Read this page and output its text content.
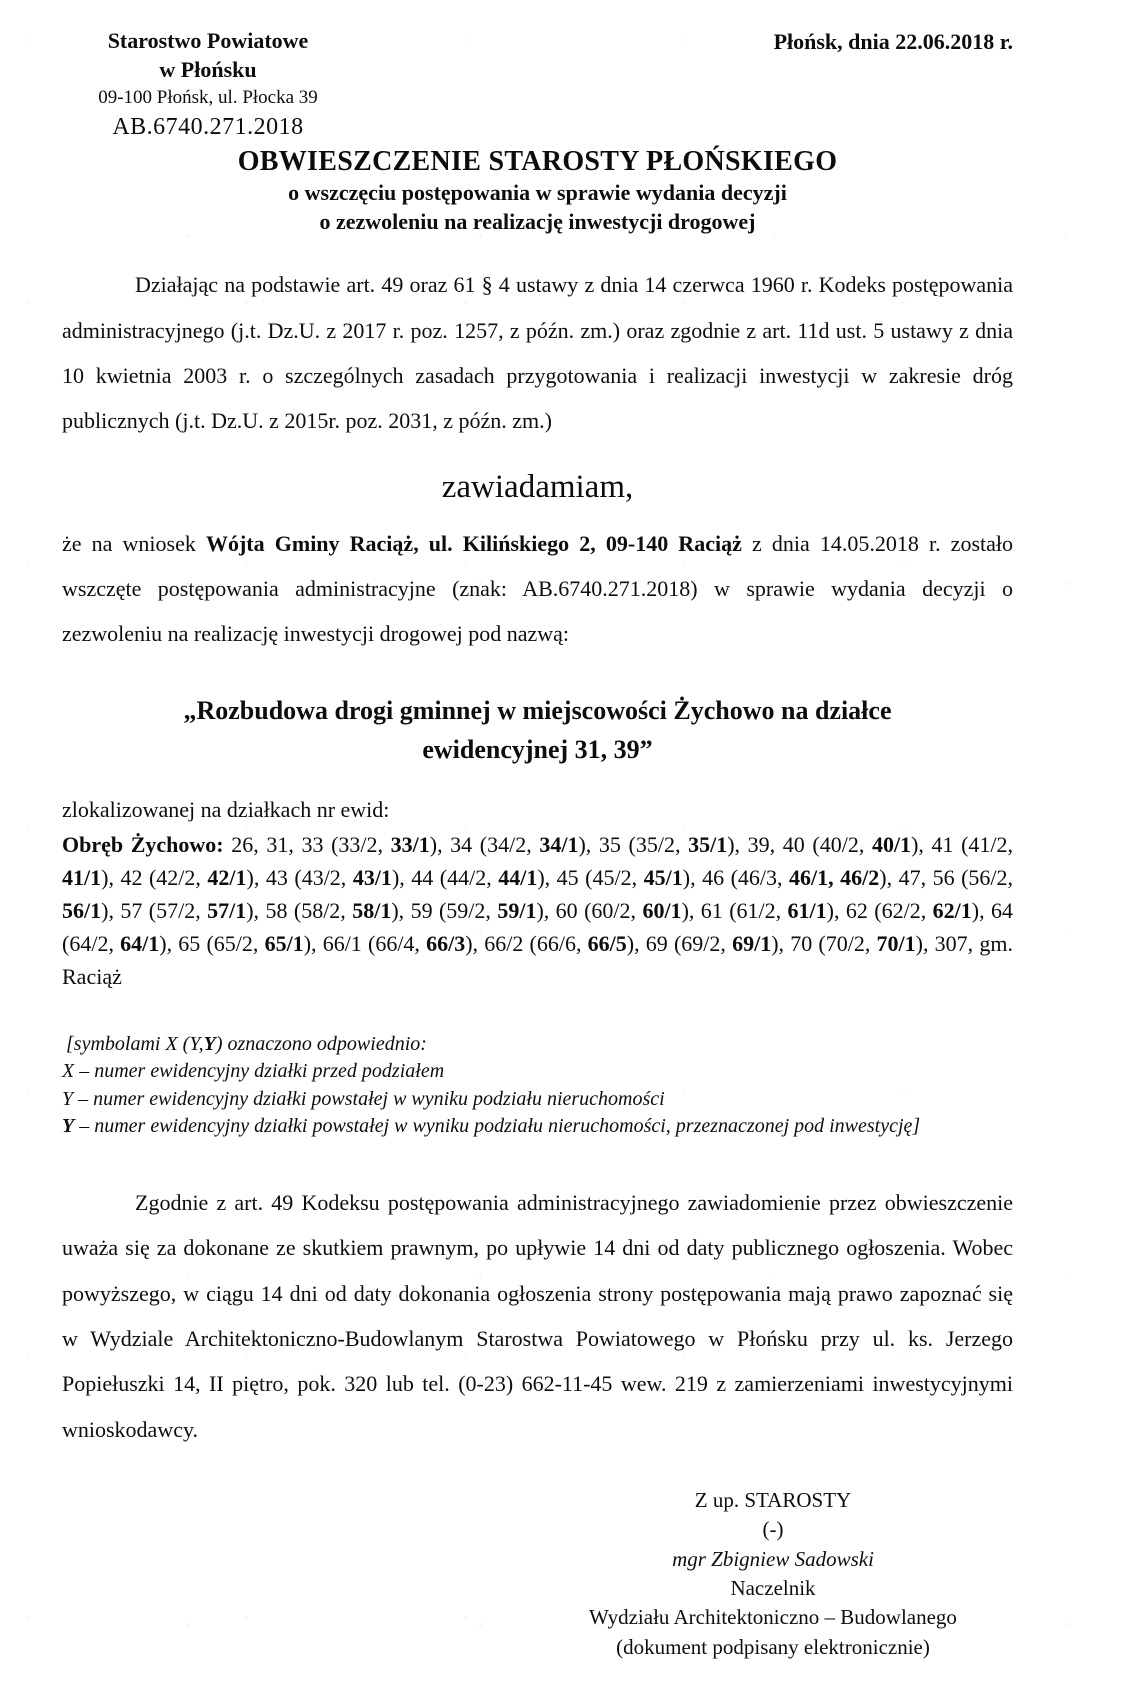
Starostwo Powiatowe
w Płońsku
09-100 Płońsk, ul. Płocka 39
AB.6740.271.2018
Płońsk, dnia 22.06.2018 r.
OBWIESZCZENIE STAROSTY PŁOŃSKIEGO
o wszczęciu postępowania w sprawie wydania decyzji
o zezwoleniu na realizację inwestycji drogowej

Działając na podstawie art. 49 oraz 61 § 4 ustawy z dnia 14 czerwca 1960 r. Kodeks postępowania administracyjnego (j.t. Dz.U. z 2017 r. poz. 1257, z późn. zm.) oraz zgodnie z art. 11d ust. 5 ustawy z dnia 10 kwietnia 2003 r. o szczególnych zasadach przygotowania i realizacji inwestycji w zakresie dróg publicznych (j.t. Dz.U. z 2015r. poz. 2031, z późn. zm.)

zawiadamiam,

że na wniosek Wójta Gminy Raciąż, ul. Kilińskiego 2, 09-140 Raciąż z dnia 14.05.2018 r. zostało wszczęte postępowania administracyjne (znak: AB.6740.271.2018) w sprawie wydania decyzji o zezwoleniu na realizację inwestycji drogowej pod nazwą:

„Rozbudowa drogi gminnej w miejscowości Żychowo na działce
ewidencyjnej 31, 39”
zlokalizowanej na działkach nr ewid:

Obręb Żychowo: 26, 31, 33 (33/2, 33/1), 34 (34/2, 34/1), 35 (35/2, 35/1), 39, 40 (40/2, 40/1), 41 (41/2, 41/1), 42 (42/2, 42/1), 43 (43/2, 43/1), 44 (44/2, 44/1), 45 (45/2, 45/1), 46 (46/3, 46/1, 46/2), 47, 56 (56/2, 56/1), 57 (57/2, 57/1), 58 (58/2, 58/1), 59 (59/2, 59/1), 60 (60/2, 60/1), 61 (61/2, 61/1), 62 (62/2, 62/1), 64 (64/2, 64/1), 65 (65/2, 65/1), 66/1 (66/4, 66/3), 66/2 (66/6, 66/5), 69 (69/2, 69/1), 70 (70/2, 70/1), 307, gm. Raciąż

[symbolami X (Y,Y) oznaczono odpowiednio:
X – numer ewidencyjny działki przed podziałem
Y – numer ewidencyjny działki powstałej w wyniku podziału nieruchomości
Y – numer ewidencyjny działki powstałej w wyniku podziału nieruchomości, przeznaczonej pod inwestycję]

Zgodnie z art. 49 Kodeksu postępowania administracyjnego zawiadomienie przez obwieszczenie uważa się za dokonane ze skutkiem prawnym, po upływie 14 dni od daty publicznego ogłoszenia. Wobec powyższego, w ciągu 14 dni od daty dokonania ogłoszenia strony postępowania mają prawo zapoznać się w Wydziale Architektoniczno-Budowlanym Starostwa Powiatowego w Płońsku przy ul. ks. Jerzego Popiełuszki 14, II piętro, pok. 320 lub tel. (0-23) 662-11-45 wew. 219 z zamierzeniami inwestycyjnymi wnioskodawcy.

Z up. STAROSTY
(-)
mgr Zbigniew Sadowski
Naczelnik
Wydziału Architektoniczno – Budowlanego
(dokument podpisany elektronicznie)
